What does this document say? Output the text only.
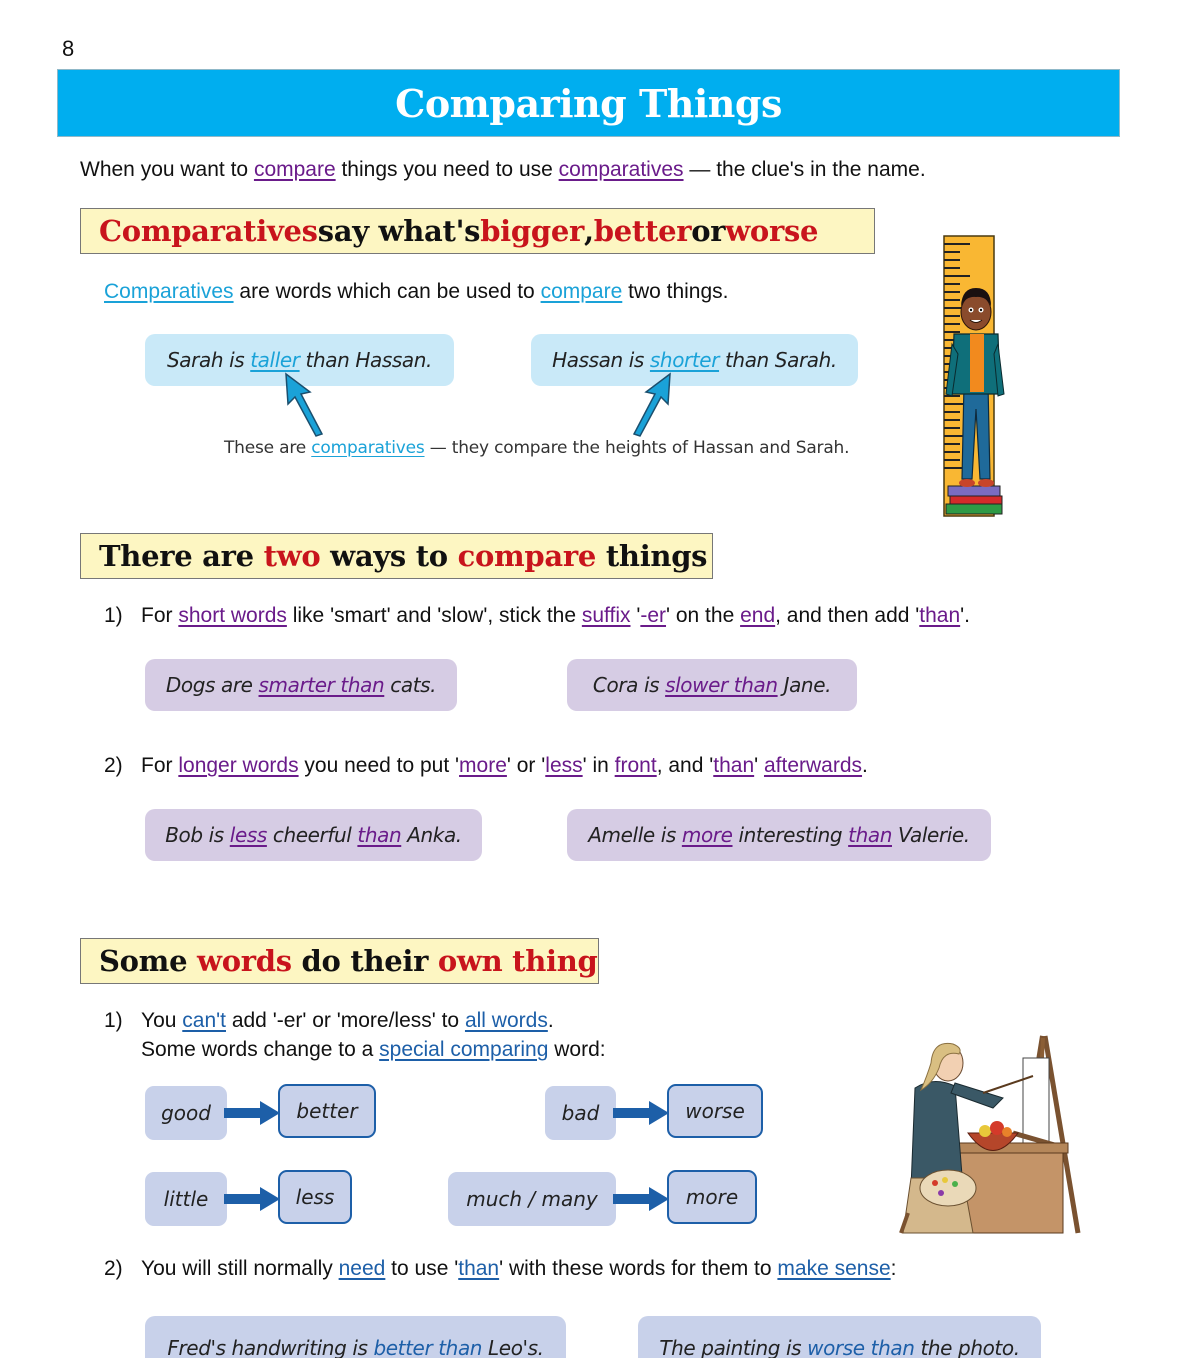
8
Comparing Things
When you want to compare things you need to use comparatives — the clue's in the name.
Comparatives say what's bigger , better or worse
Comparatives are words which can be used to compare two things.
Sarah is
taller than Hassan.	Hassan is
shorter than Sarah.
These are comparatives — they compare the heights of Hassan and Sarah.
There are two ways to compare things
1) For short words like 'smart' and 'slow', stick the suffix '-er' on the end, and then add 'than'.
Dogs are smarter than cats.	Cora is slower than Jane.
2) For longer words you need to put 'more' or 'less' in front, and 'than' afterwards.
Bob is less cheerful than Anka.	Amelle is more interesting than Valerie.
Some words do their own thing
1) You can't add '-er' or 'more/less' to all words.
Some words change to a special comparing word:
good	better	bad	worse
little	less	much / many	more
2) You will still normally need to use 'than' with these words for them to make sense:
Fred's handwriting is better than Leo's.	The painting is worse than the photo.
